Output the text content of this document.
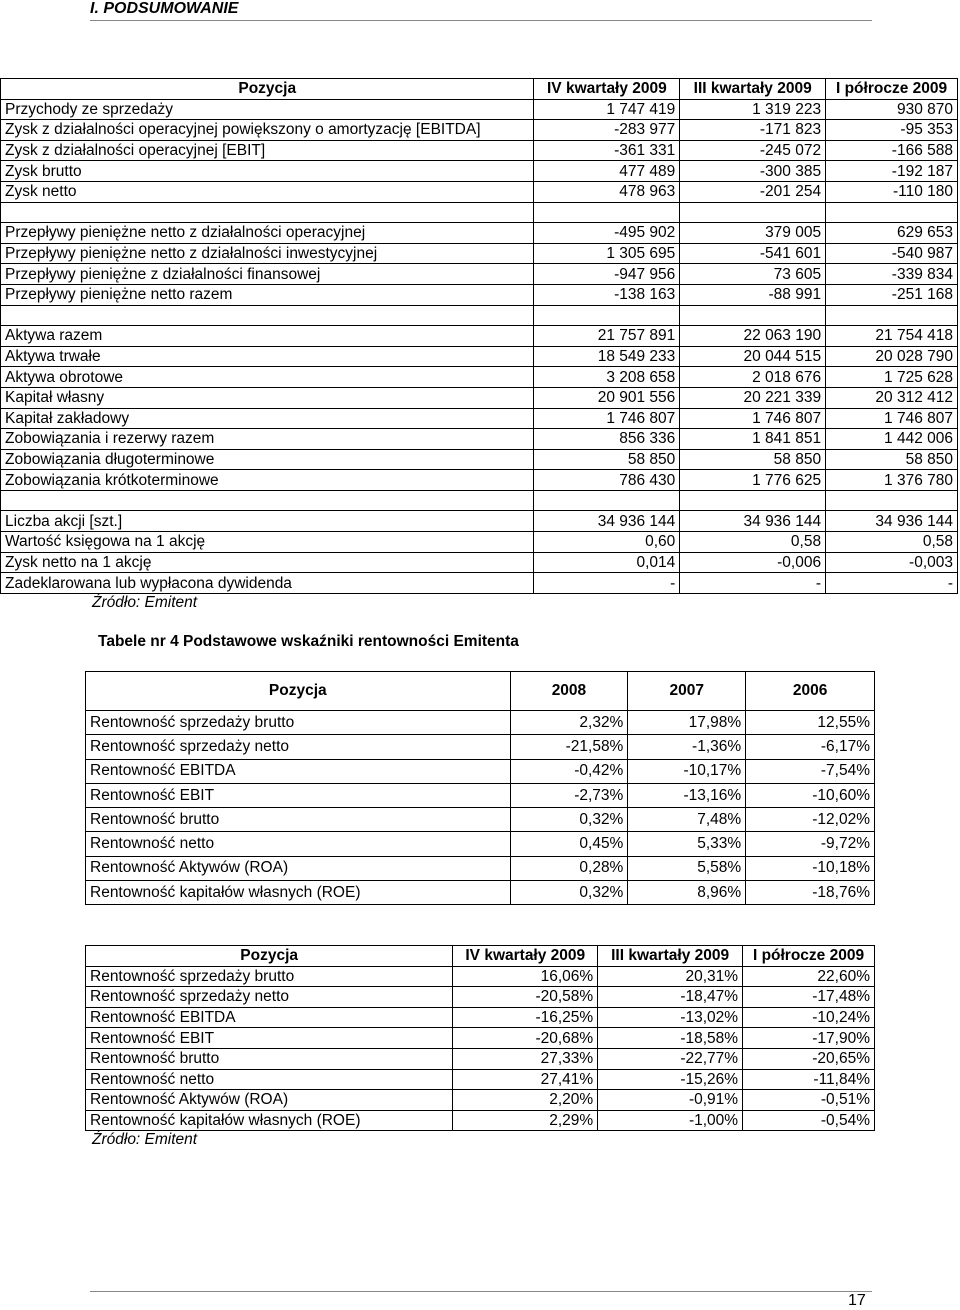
I. PODSUMOWANIE
Pozycja	IV kwartały 2009	III kwartały 2009	I półrocze 2009
Przychody ze sprzedaży	1 747 419	1 319 223	930 870
Zysk z działalności operacyjnej powiększony o amortyzację [EBITDA]	-283 977	-171 823	-95 353
Zysk z działalności operacyjnej [EBIT]	-361 331	-245 072	-166 588
Zysk brutto	477 489	-300 385	-192 187
Zysk netto	478 963	-201 254	-110 180

Przepływy pieniężne netto z działalności operacyjnej	-495 902	379 005	629 653
Przepływy pieniężne netto z działalności inwestycyjnej	1 305 695	-541 601	-540 987
Przepływy pieniężne z działalności finansowej	-947 956	73 605	-339 834
Przepływy pieniężne netto razem	-138 163	-88 991	-251 168

Aktywa razem	21 757 891	22 063 190	21 754 418
Aktywa trwałe	18 549 233	20 044 515	20 028 790
Aktywa obrotowe	3 208 658	2 018 676	1 725 628
Kapitał własny	20 901 556	20 221 339	20 312 412
Kapitał zakładowy	1 746 807	1 746 807	1 746 807
Zobowiązania i rezerwy razem	856 336	1 841 851	1 442 006
Zobowiązania długoterminowe	58 850	58 850	58 850
Zobowiązania krótkoterminowe	786 430	1 776 625	1 376 780

Liczba akcji [szt.]	34 936 144	34 936 144	34 936 144
Wartość księgowa na 1 akcję	0,60	0,58	0,58
Zysk netto na 1 akcję	0,014	-0,006	-0,003
Zadeklarowana lub wypłacona dywidenda	-	-	-
Źródło: Emitent
Tabele nr 4 Podstawowe wskaźniki rentowności Emitenta
Pozycja	2008	2007	2006
Rentowność sprzedaży brutto	2,32%	17,98%	12,55%
Rentowność sprzedaży netto	-21,58%	-1,36%	-6,17%
Rentowność EBITDA	-0,42%	-10,17%	-7,54%
Rentowność EBIT	-2,73%	-13,16%	-10,60%
Rentowność brutto	0,32%	7,48%	-12,02%
Rentowność netto	0,45%	5,33%	-9,72%
Rentowność Aktywów (ROA)	0,28%	5,58%	-10,18%
Rentowność kapitałów własnych (ROE)	0,32%	8,96%	-18,76%
Pozycja	IV kwartały 2009	III kwartały 2009	I półrocze 2009
Rentowność sprzedaży brutto	16,06%	20,31%	22,60%
Rentowność sprzedaży netto	-20,58%	-18,47%	-17,48%
Rentowność EBITDA	-16,25%	-13,02%	-10,24%
Rentowność EBIT	-20,68%	-18,58%	-17,90%
Rentowność brutto	27,33%	-22,77%	-20,65%
Rentowność netto	27,41%	-15,26%	-11,84%
Rentowność Aktywów (ROA)	2,20%	-0,91%	-0,51%
Rentowność kapitałów własnych (ROE)	2,29%	-1,00%	-0,54%
Źródło: Emitent
17
